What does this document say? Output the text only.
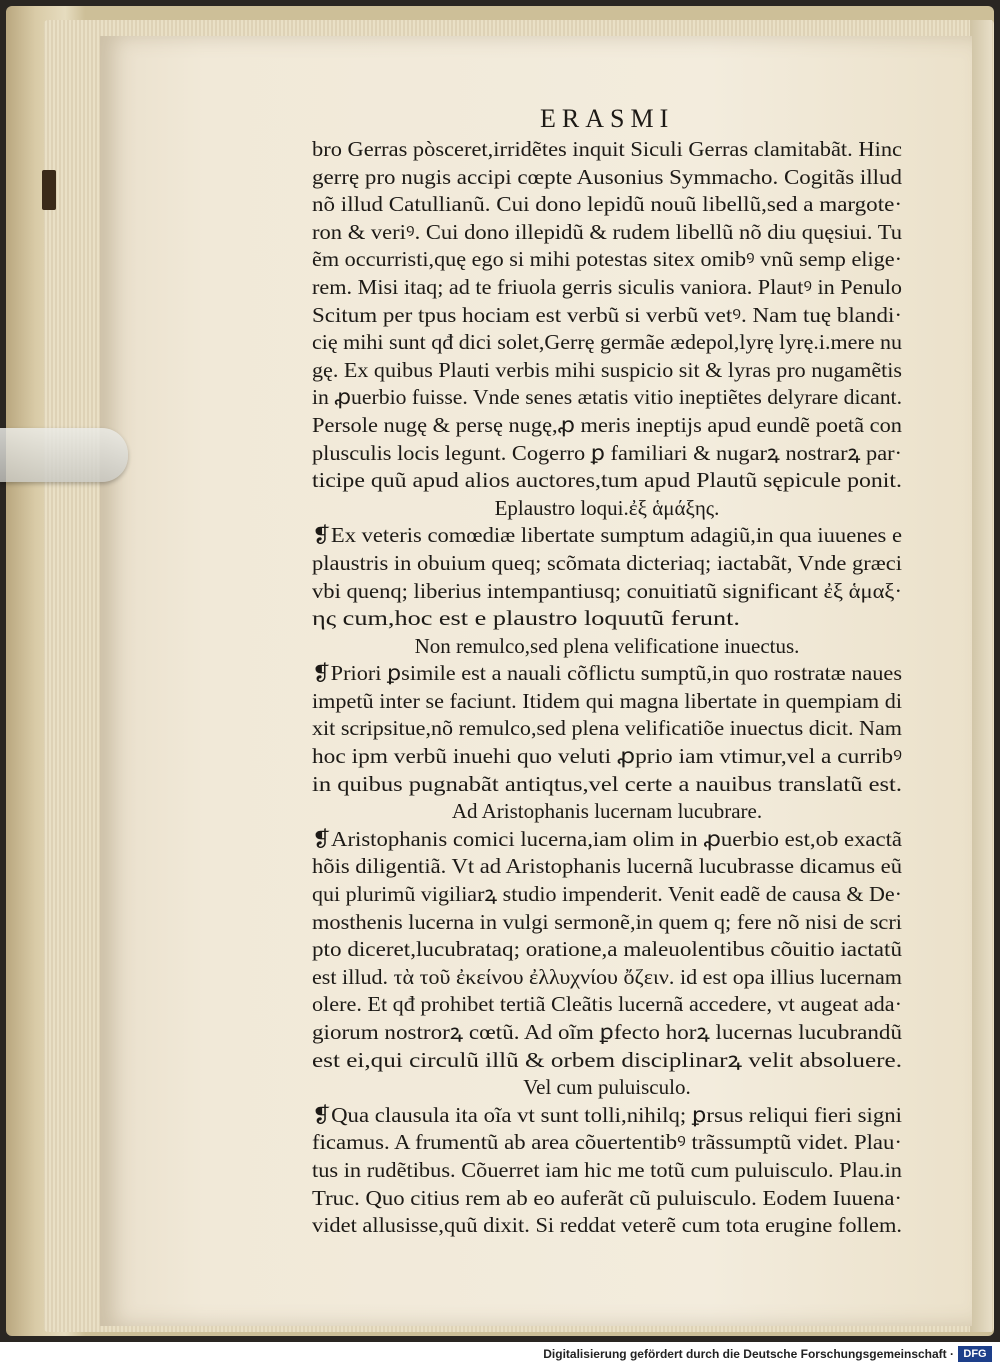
ERASMI
bro Gerras pòsceret,irridẽtes inquit Siculi Gerras clamitabãt. Hinc
gerrę pro nugis accipi cœpte Ausonius Symmacho. Cogitãs illud
nõ illud Catullianũ. Cui dono lepidũ nouũ libellũ,sed a margote·
ron & veriꝰ. Cui dono illepidũ & rudem libellũ nõ diu quęsiui. Tu
ẽm occurristi,quę ego si mihi potestas sitex omibꝰ vnũ semp elige·
rem. Misi itaq; ad te friuola gerris siculis vaniora. Plautꝰ in Penulo
Scitum per tpus hociam est verbũ si verbũ vetꝰ. Nam tuę blandi·
cię mihi sunt qđ dici solet,Gerrę germãe ædepol,lyrę lyrę.i.mere nu
gę. Ex quibus Plauti verbis mihi suspicio sit & lyras pro nugamẽtis
in ꝓuerbio fuisse. Vnde senes ætatis vitio ineptiẽtes delyrare dicant.
Persole nugę & persę nugę,ꝓ meris ineptijs apud eundẽ poetã con
plusculis locis legunt. Cogerro ꝑ familiari & nugarꝝ nostrarꝝ par·
ticipe quũ apud alios auctores,tum apud Plautũ sępicule ponit.
Eplaustro loqui.ἐξ ἁμάξης.
❡Ex veteris comœdiæ libertate sumptum adagiũ,in qua iuuenes e
plaustris in obuium queq; scõmata dicteriaq; iactabãt, Vnde græci
vbi quenq; liberius intempantiusq; conuitiatũ significant ἐξ ἁμαξ·
ης cum,hoc est e plaustro loquutũ ferunt.
Non remulco,sed plena velificatione inuectus.
❡Priori ꝑsimile est a nauali cõflictu sumptũ,in quo rostratæ naues
impetũ inter se faciunt. Itidem qui magna libertate in quempiam di
xit scripsitue,nõ remulco,sed plena velificatiõe inuectus dicit. Nam
hoc ipm verbũ inuehi quo veluti ꝓprio iam vtimur,vel a curribꝰ
in quibus pugnabãt antiqtus,vel certe a nauibus translatũ est.
Ad Aristophanis lucernam lucubrare.
❡Aristophanis comici lucerna,iam olim in ꝓuerbio est,ob exactã
hõis diligentiã. Vt ad Aristophanis lucernã lucubrasse dicamus eũ
qui plurimũ vigiliarꝝ studio impenderit. Venit eadẽ de causa & De·
mosthenis lucerna in vulgi sermonẽ,in quem q; fere nõ nisi de scri
pto diceret,lucubrataq; oratione,a maleuolentibus cõuitio iactatũ
est illud. τὰ τοῦ ἐκείνου ἐλλυχνίου ὄζειν. id est opa illius lucernam
olere. Et qđ prohibet tertiã Cleãtis lucernã accedere, vt augeat ada·
giorum nostrorꝝ cœtũ. Ad oĩm ꝑfecto horꝝ lucernas lucubrandũ
est ei,qui circulũ illũ & orbem disciplinarꝝ velit absoluere.
Vel cum puluisculo.
❡Qua clausula ita oĩa vt sunt tolli,nihilq; ꝑrsus reliqui fieri signi
ficamus. A frumentũ ab area cõuertentibꝰ trãssumptũ videt. Plau·
tus in rudẽtibus. Cõuerret iam hic me totũ cum puluisculo. Plau.in
Truc. Quo citius rem ab eo auferãt cũ puluisculo. Eodem Iuuena·
videt allusisse,quũ dixit. Si reddat veterẽ cum tota erugine follem.
Digitalisierung gefördert durch die Deutsche Forschungsgemeinschaft · DFG
